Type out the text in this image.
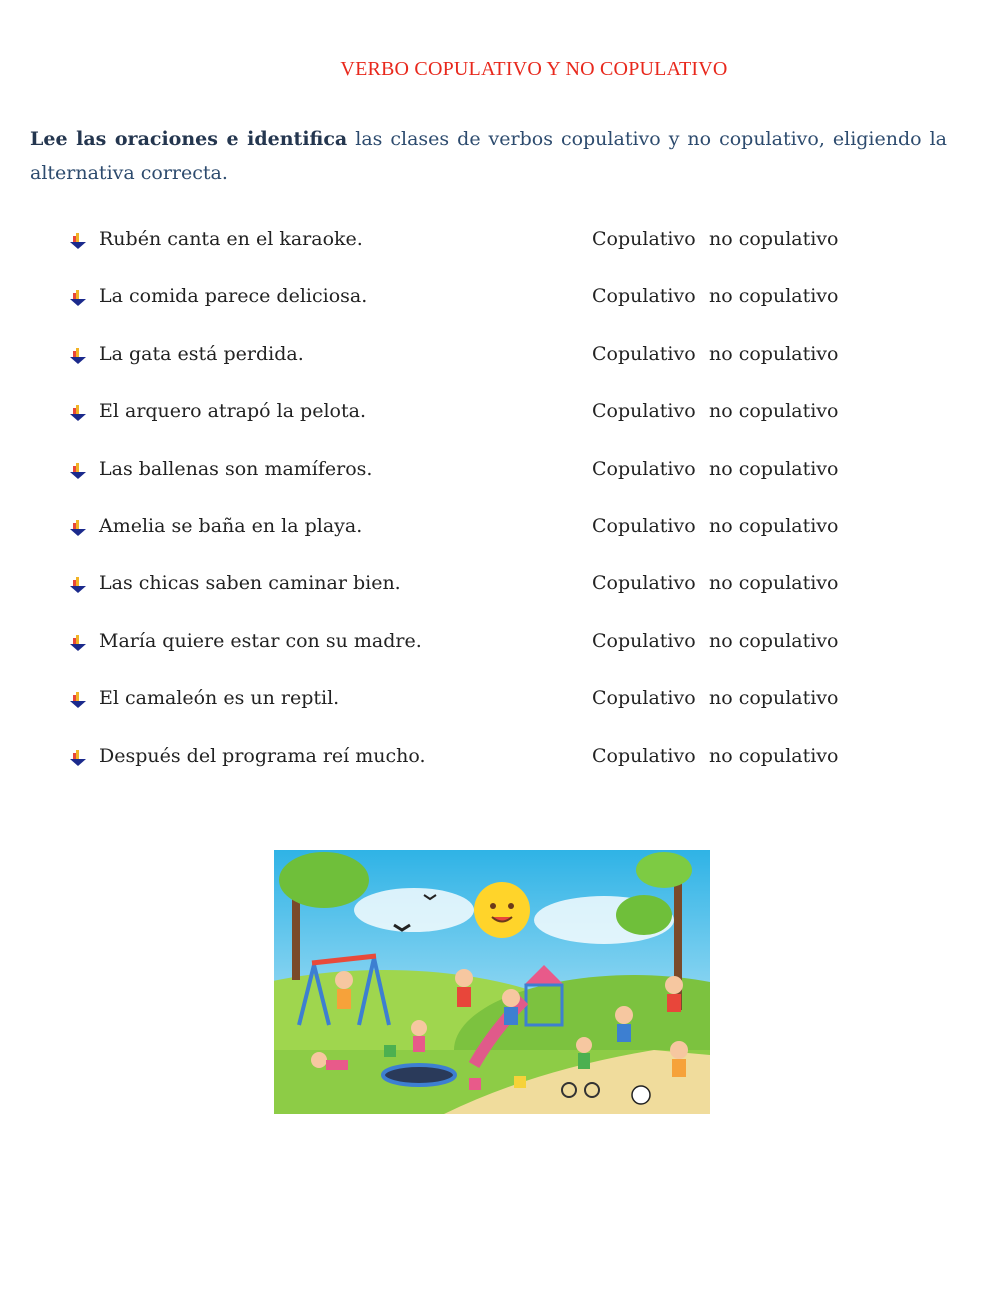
VERBO COPULATIVO Y NO COPULATIVO
Lee las oraciones e identifica las clases de verbos copulativo y no copulativo, eligiendo la alternativa correcta.
Rubén canta en el karaoke.	Copulativo no copulativo
La comida parece deliciosa.	Copulativo no copulativo
La gata está perdida.	Copulativo no copulativo
El arquero atrapó la pelota.	Copulativo no copulativo
Las ballenas son mamíferos.	Copulativo no copulativo
Amelia se baña en la playa.	Copulativo no copulativo
Las chicas saben caminar bien.	Copulativo no copulativo
María quiere estar con su madre.	Copulativo no copulativo
El camaleón es un reptil.	Copulativo no copulativo
Después del programa reí mucho.	Copulativo no copulativo
